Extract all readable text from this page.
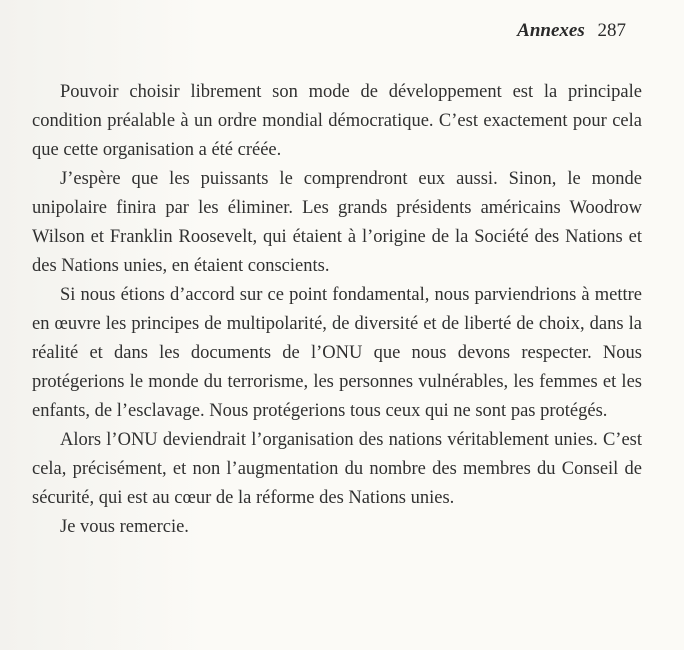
Annexes 287

Pouvoir choisir librement son mode de développement est la principale condition préalable à un ordre mondial démocratique. C’est exactement pour cela que cette organisation a été créée.

J’espère que les puissants le comprendront eux aussi. Sinon, le monde unipolaire finira par les éliminer. Les grands présidents américains Woodrow Wilson et Franklin Roosevelt, qui étaient à l’origine de la Société des Nations et des Nations unies, en étaient conscients.

Si nous étions d’accord sur ce point fondamental, nous parviendrions à mettre en œuvre les principes de multipolarité, de diversité et de liberté de choix, dans la réalité et dans les documents de l’ONU que nous devons respecter. Nous protégerions le monde du terrorisme, les personnes vulnérables, les femmes et les enfants, de l’esclavage. Nous protégerions tous ceux qui ne sont pas protégés.

Alors l’ONU deviendrait l’organisation des nations véritablement unies. C’est cela, précisément, et non l’augmentation du nombre des membres du Conseil de sécurité, qui est au cœur de la réforme des Nations unies.

Je vous remercie.
